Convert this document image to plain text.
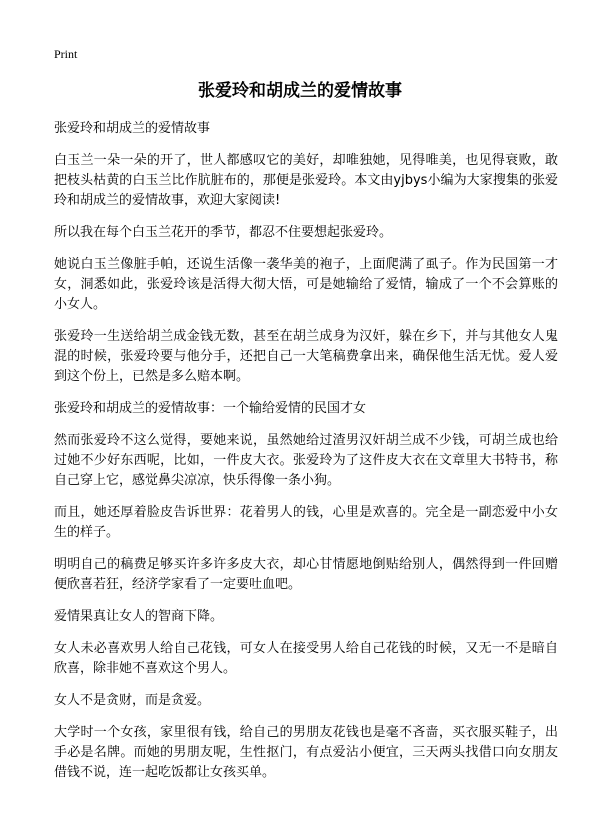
Print
张爱玲和胡成兰的爱情故事

张爱玲和胡成兰的爱情故事

白玉兰一朵一朵的开了，世人都感叹它的美好，却唯独她，见得唯美，也见得衰败，敢把枝头枯黄的白玉兰比作肮脏布的，那便是张爱玲。本文由yjbys小编为大家搜集的张爱玲和胡成兰的爱情故事，欢迎大家阅读!

所以我在每个白玉兰花开的季节，都忍不住要想起张爱玲。

她说白玉兰像脏手帕，还说生活像一袭华美的袍子，上面爬满了虱子。作为民国第一才女，洞悉如此，张爱玲该是活得大彻大悟，可是她输给了爱情，输成了一个不会算账的小女人。

张爱玲一生送给胡兰成金钱无数，甚至在胡兰成身为汉奸，躲在乡下，并与其他女人鬼混的时候，张爱玲要与他分手，还把自己一大笔稿费拿出来，确保他生活无忧。爱人爱到这个份上，已然是多么赔本啊。

张爱玲和胡成兰的爱情故事：一个输给爱情的民国才女

然而张爱玲不这么觉得，要她来说，虽然她给过渣男汉奸胡兰成不少钱，可胡兰成也给过她不少好东西呢，比如，一件皮大衣。张爱玲为了这件皮大衣在文章里大书特书，称自己穿上它，感觉鼻尖凉凉，快乐得像一条小狗。

而且，她还厚着脸皮告诉世界：花着男人的钱，心里是欢喜的。完全是一副恋爱中小女生的样子。

明明自己的稿费足够买许多许多皮大衣，却心甘情愿地倒贴给别人，偶然得到一件回赠便欣喜若狂，经济学家看了一定要吐血吧。

爱情果真让女人的智商下降。

女人未必喜欢男人给自己花钱，可女人在接受男人给自己花钱的时候，又无一不是暗自欣喜，除非她不喜欢这个男人。

女人不是贪财，而是贪爱。

大学时一个女孩，家里很有钱，给自己的男朋友花钱也是毫不吝啬，买衣服买鞋子，出手必是名牌。而她的男朋友呢，生性抠门，有点爱沾小便宜，三天两头找借口向女朋友借钱不说，连一起吃饭都让女孩买单。
